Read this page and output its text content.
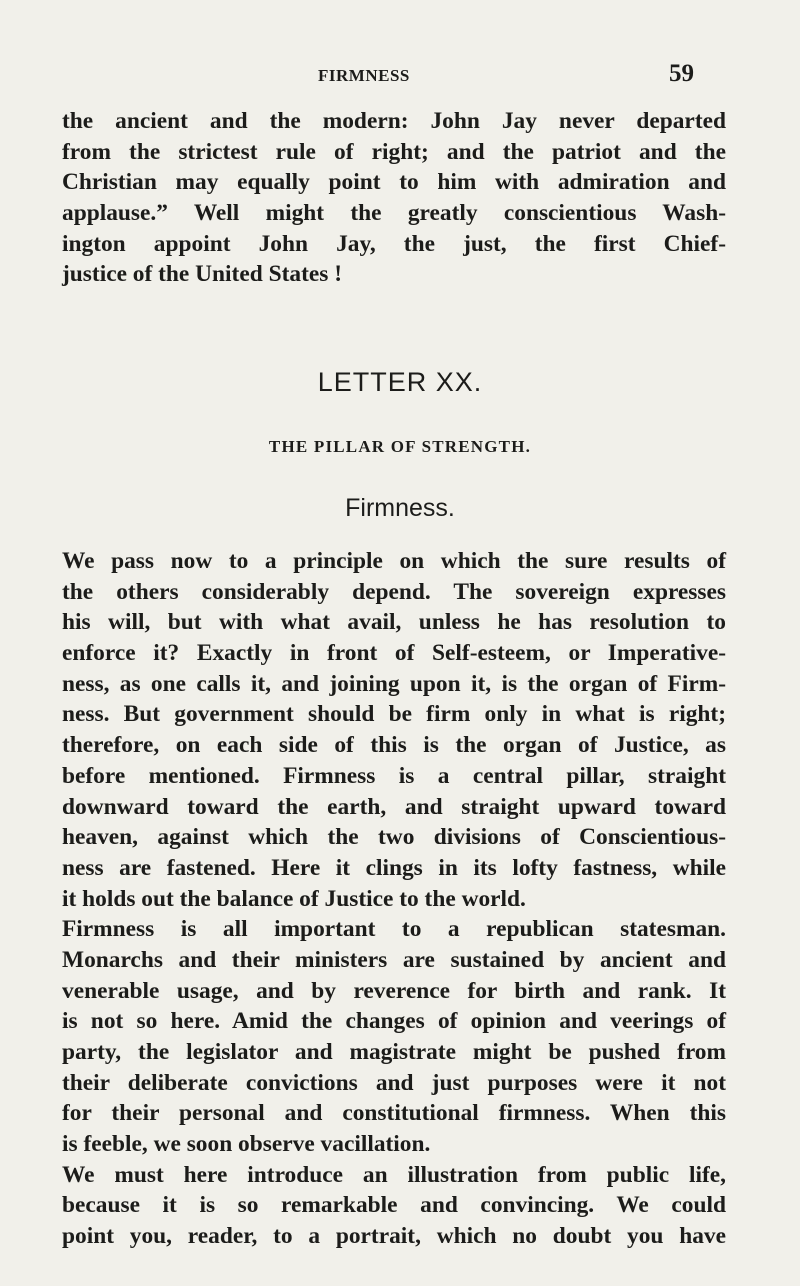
FIRMNESS	59
the ancient and the modern: John Jay never departed
from the strictest rule of right; and the patriot and the
Christian may equally point to him with admiration and
applause.” Well might the greatly conscientious Wash-
ington appoint John Jay, the just, the first Chief-
justice of the United States !
LETTER XX.
THE PILLAR OF STRENGTH.
Firmness.
We pass now to a principle on which the sure results of
the others considerably depend. The sovereign expresses
his will, but with what avail, unless he has resolution to
enforce it? Exactly in front of Self-esteem, or Imperative-
ness, as one calls it, and joining upon it, is the organ of Firm-
ness. But government should be firm only in what is right;
therefore, on each side of this is the organ of Justice, as
before mentioned. Firmness is a central pillar, straight
downward toward the earth, and straight upward toward
heaven, against which the two divisions of Conscientious-
ness are fastened. Here it clings in its lofty fastness, while
it holds out the balance of Justice to the world.
Firmness is all important to a republican statesman.
Monarchs and their ministers are sustained by ancient and
venerable usage, and by reverence for birth and rank. It
is not so here. Amid the changes of opinion and veerings of
party, the legislator and magistrate might be pushed from
their deliberate convictions and just purposes were it not
for their personal and constitutional firmness. When this
is feeble, we soon observe vacillation.
We must here introduce an illustration from public life,
because it is so remarkable and convincing. We could
point you, reader, to a portrait, which no doubt you have
